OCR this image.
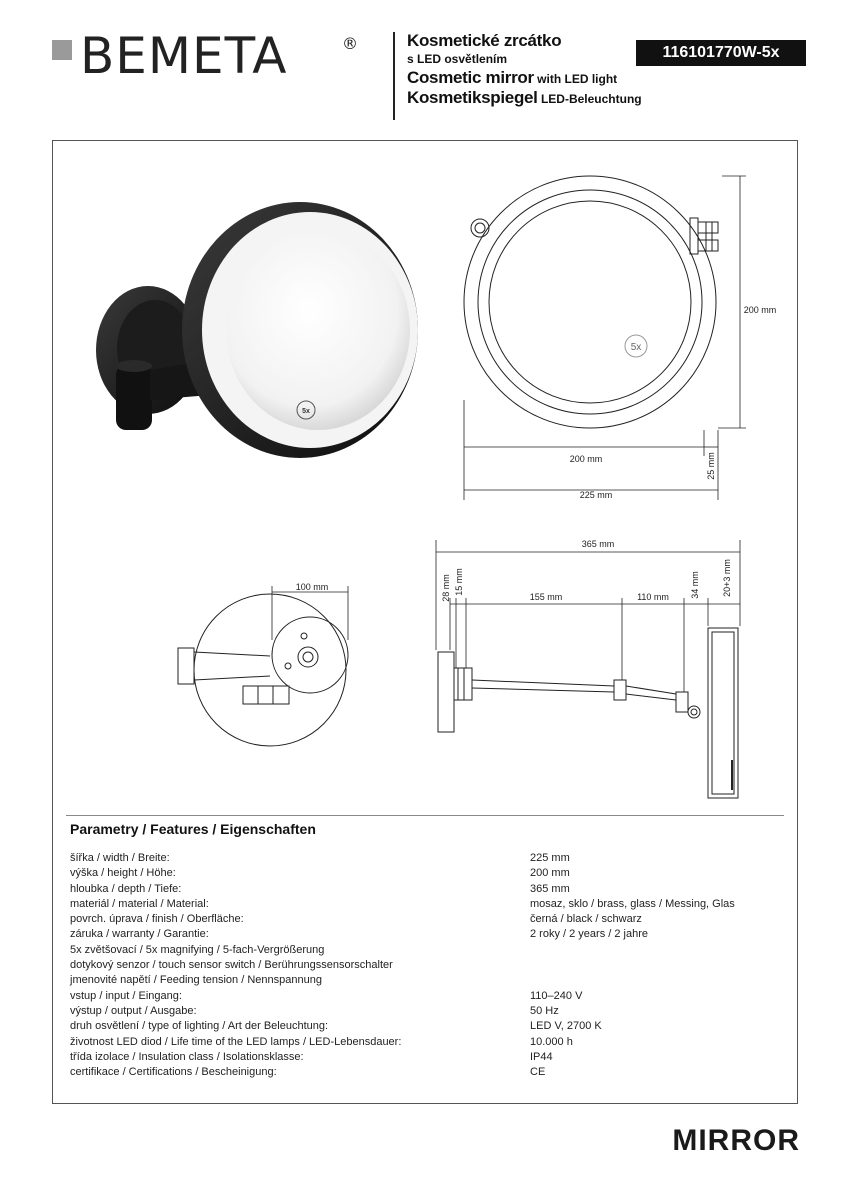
BEMETA	®	Kosmetické zrcátko
s LED osvětlením
Cosmetic mirror with LED light
Kosmetikspiegel LED-Beleuchtung
116101770W-5x
5x
5x
200 mm
200 mm	25 mm
225 mm
100 mm
365 mm
28 mm 15 mm
155 mm	110 mm 34 mm 20+3 mm
Parametry / Features / Eigenschaften
šířka / width / Breite:	225 mm
výška / height / Höhe:	200 mm
hloubka / depth / Tiefe:	365 mm
materiál / material / Material:	mosaz, sklo / brass, glass / Messing, Glas
povrch. úprava / finish / Oberfläche:	černá / black / schwarz
záruka / warranty / Garantie:	2 roky / 2 years / 2 jahre
5x zvětšovací / 5x magnifying / 5-fach-Vergrößerung
dotykový senzor / touch sensor switch / Berührungssensorschalter
jmenovité napětí / Feeding tension / Nennspannung
vstup / input / Eingang:	110–240 V
výstup / output / Ausgabe:	50 Hz
druh osvětlení / type of lighting / Art der Beleuchtung:	LED V, 2700 K
životnost LED diod / Life time of the LED lamps / LED-Lebensdauer:	10.000 h
třída izolace / Insulation class / Isolationsklasse:	IP44
certifikace / Certifications / Bescheinigung:	CE
MIRROR
